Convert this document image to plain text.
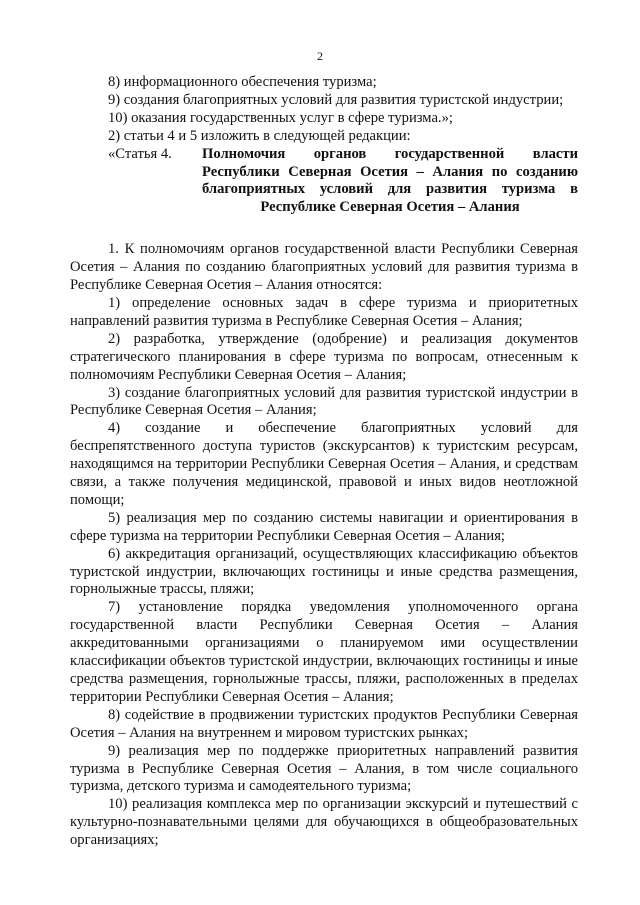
2

8) информационного обеспечения туризма;

9) создания благоприятных условий для развития туристской индустрии;

10) оказания государственных услуг в сфере туризма.»;

2) статьи 4 и 5 изложить в следующей редакции:

«Статья 4.	Полномочия органов государственной власти Республики Северная Осетия – Алания по созданию благоприятных условий для развития туризма в Республике Северная Осетия – Алания

1. К полномочиям органов государственной власти Республики Северная Осетия – Алания по созданию благоприятных условий для развития туризма в Республике Северная Осетия – Алания относятся:

1) определение основных задач в сфере туризма и приоритетных направлений развития туризма в Республике Северная Осетия – Алания;

2) разработка, утверждение (одобрение) и реализация документов стратегического планирования в сфере туризма по вопросам, отнесенным к полномочиям Республики Северная Осетия – Алания;

3) создание благоприятных условий для развития туристской индустрии в Республике Северная Осетия – Алания;

4) создание и обеспечение благоприятных условий для беспрепятственного доступа туристов (экскурсантов) к туристским ресурсам, находящимся на территории Республики Северная Осетия – Алания, и средствам связи, а также получения медицинской, правовой и иных видов неотложной помощи;

5) реализация мер по созданию системы навигации и ориентирования в сфере туризма на территории Республики Северная Осетия – Алания;

6) аккредитация организаций, осуществляющих классификацию объектов туристской индустрии, включающих гостиницы и иные средства размещения, горнолыжные трассы, пляжи;

7) установление порядка уведомления уполномоченного органа государственной власти Республики Северная Осетия – Алания аккредитованными организациями о планируемом ими осуществлении классификации объектов туристской индустрии, включающих гостиницы и иные средства размещения, горнолыжные трассы, пляжи, расположенных в пределах территории Республики Северная Осетия – Алания;

8) содействие в продвижении туристских продуктов Республики Северная Осетия – Алания на внутреннем и мировом туристских рынках;

9) реализация мер по поддержке приоритетных направлений развития туризма в Республике Северная Осетия – Алания, в том числе социального туризма, детского туризма и самодеятельного туризма;

10) реализация комплекса мер по организации экскурсий и путешествий с культурно-познавательными целями для обучающихся в общеобразовательных организациях;
